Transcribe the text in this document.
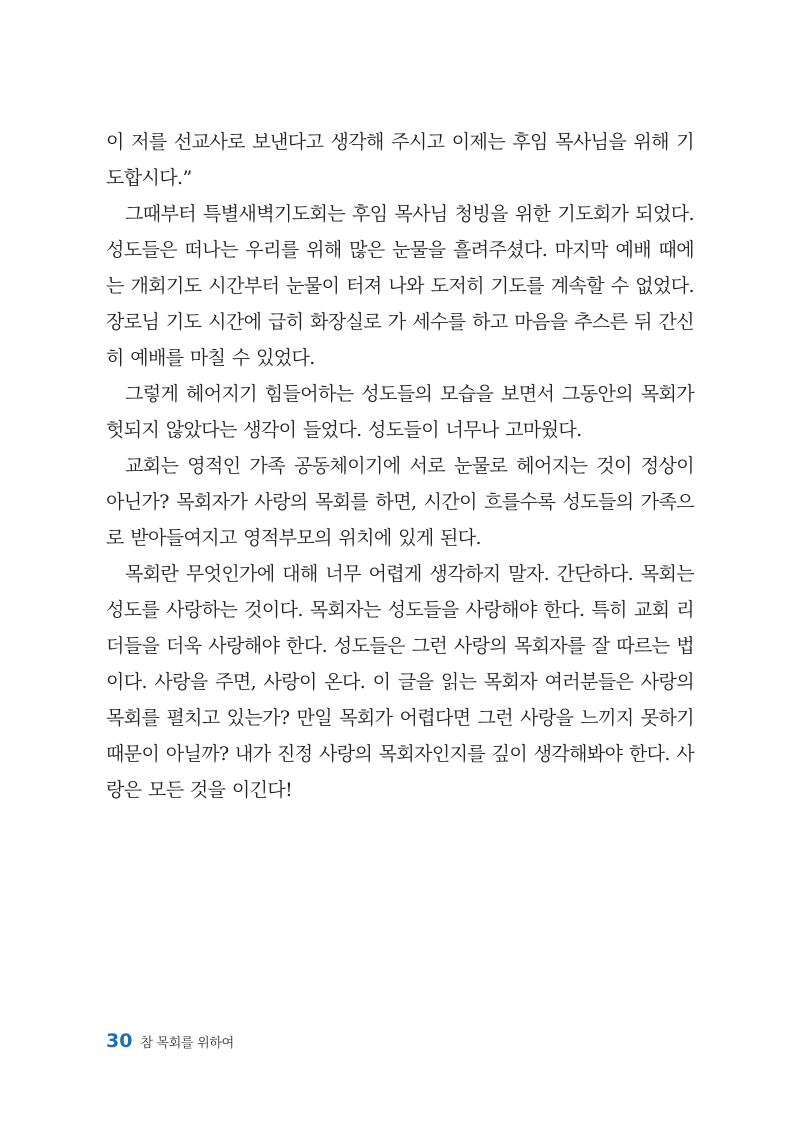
이 저를 선교사로 보낸다고 생각해 주시고 이제는 후임 목사님을 위해 기도합시다.”

그때부터 특별새벽기도회는 후임 목사님 청빙을 위한 기도회가 되었다. 성도들은 떠나는 우리를 위해 많은 눈물을 흘려주셨다. 마지막 예배 때에는 개회기도 시간부터 눈물이 터져 나와 도저히 기도를 계속할 수 없었다. 장로님 기도 시간에 급히 화장실로 가 세수를 하고 마음을 추스른 뒤 간신히 예배를 마칠 수 있었다.

그렇게 헤어지기 힘들어하는 성도들의 모습을 보면서 그동안의 목회가 헛되지 않았다는 생각이 들었다. 성도들이 너무나 고마웠다.

교회는 영적인 가족 공동체이기에 서로 눈물로 헤어지는 것이 정상이 아닌가? 목회자가 사랑의 목회를 하면, 시간이 흐를수록 성도들의 가족으로 받아들여지고 영적부모의 위치에 있게 된다.

목회란 무엇인가에 대해 너무 어렵게 생각하지 말자. 간단하다. 목회는 성도를 사랑하는 것이다. 목회자는 성도들을 사랑해야 한다. 특히 교회 리더들을 더욱 사랑해야 한다. 성도들은 그런 사랑의 목회자를 잘 따르는 법이다. 사랑을 주면, 사랑이 온다. 이 글을 읽는 목회자 여러분들은 사랑의 목회를 펼치고 있는가? 만일 목회가 어렵다면 그런 사랑을 느끼지 못하기 때문이 아닐까? 내가 진정 사랑의 목회자인지를 깊이 생각해봐야 한다. 사랑은 모든 것을 이긴다!

30 참 목회를 위하여
